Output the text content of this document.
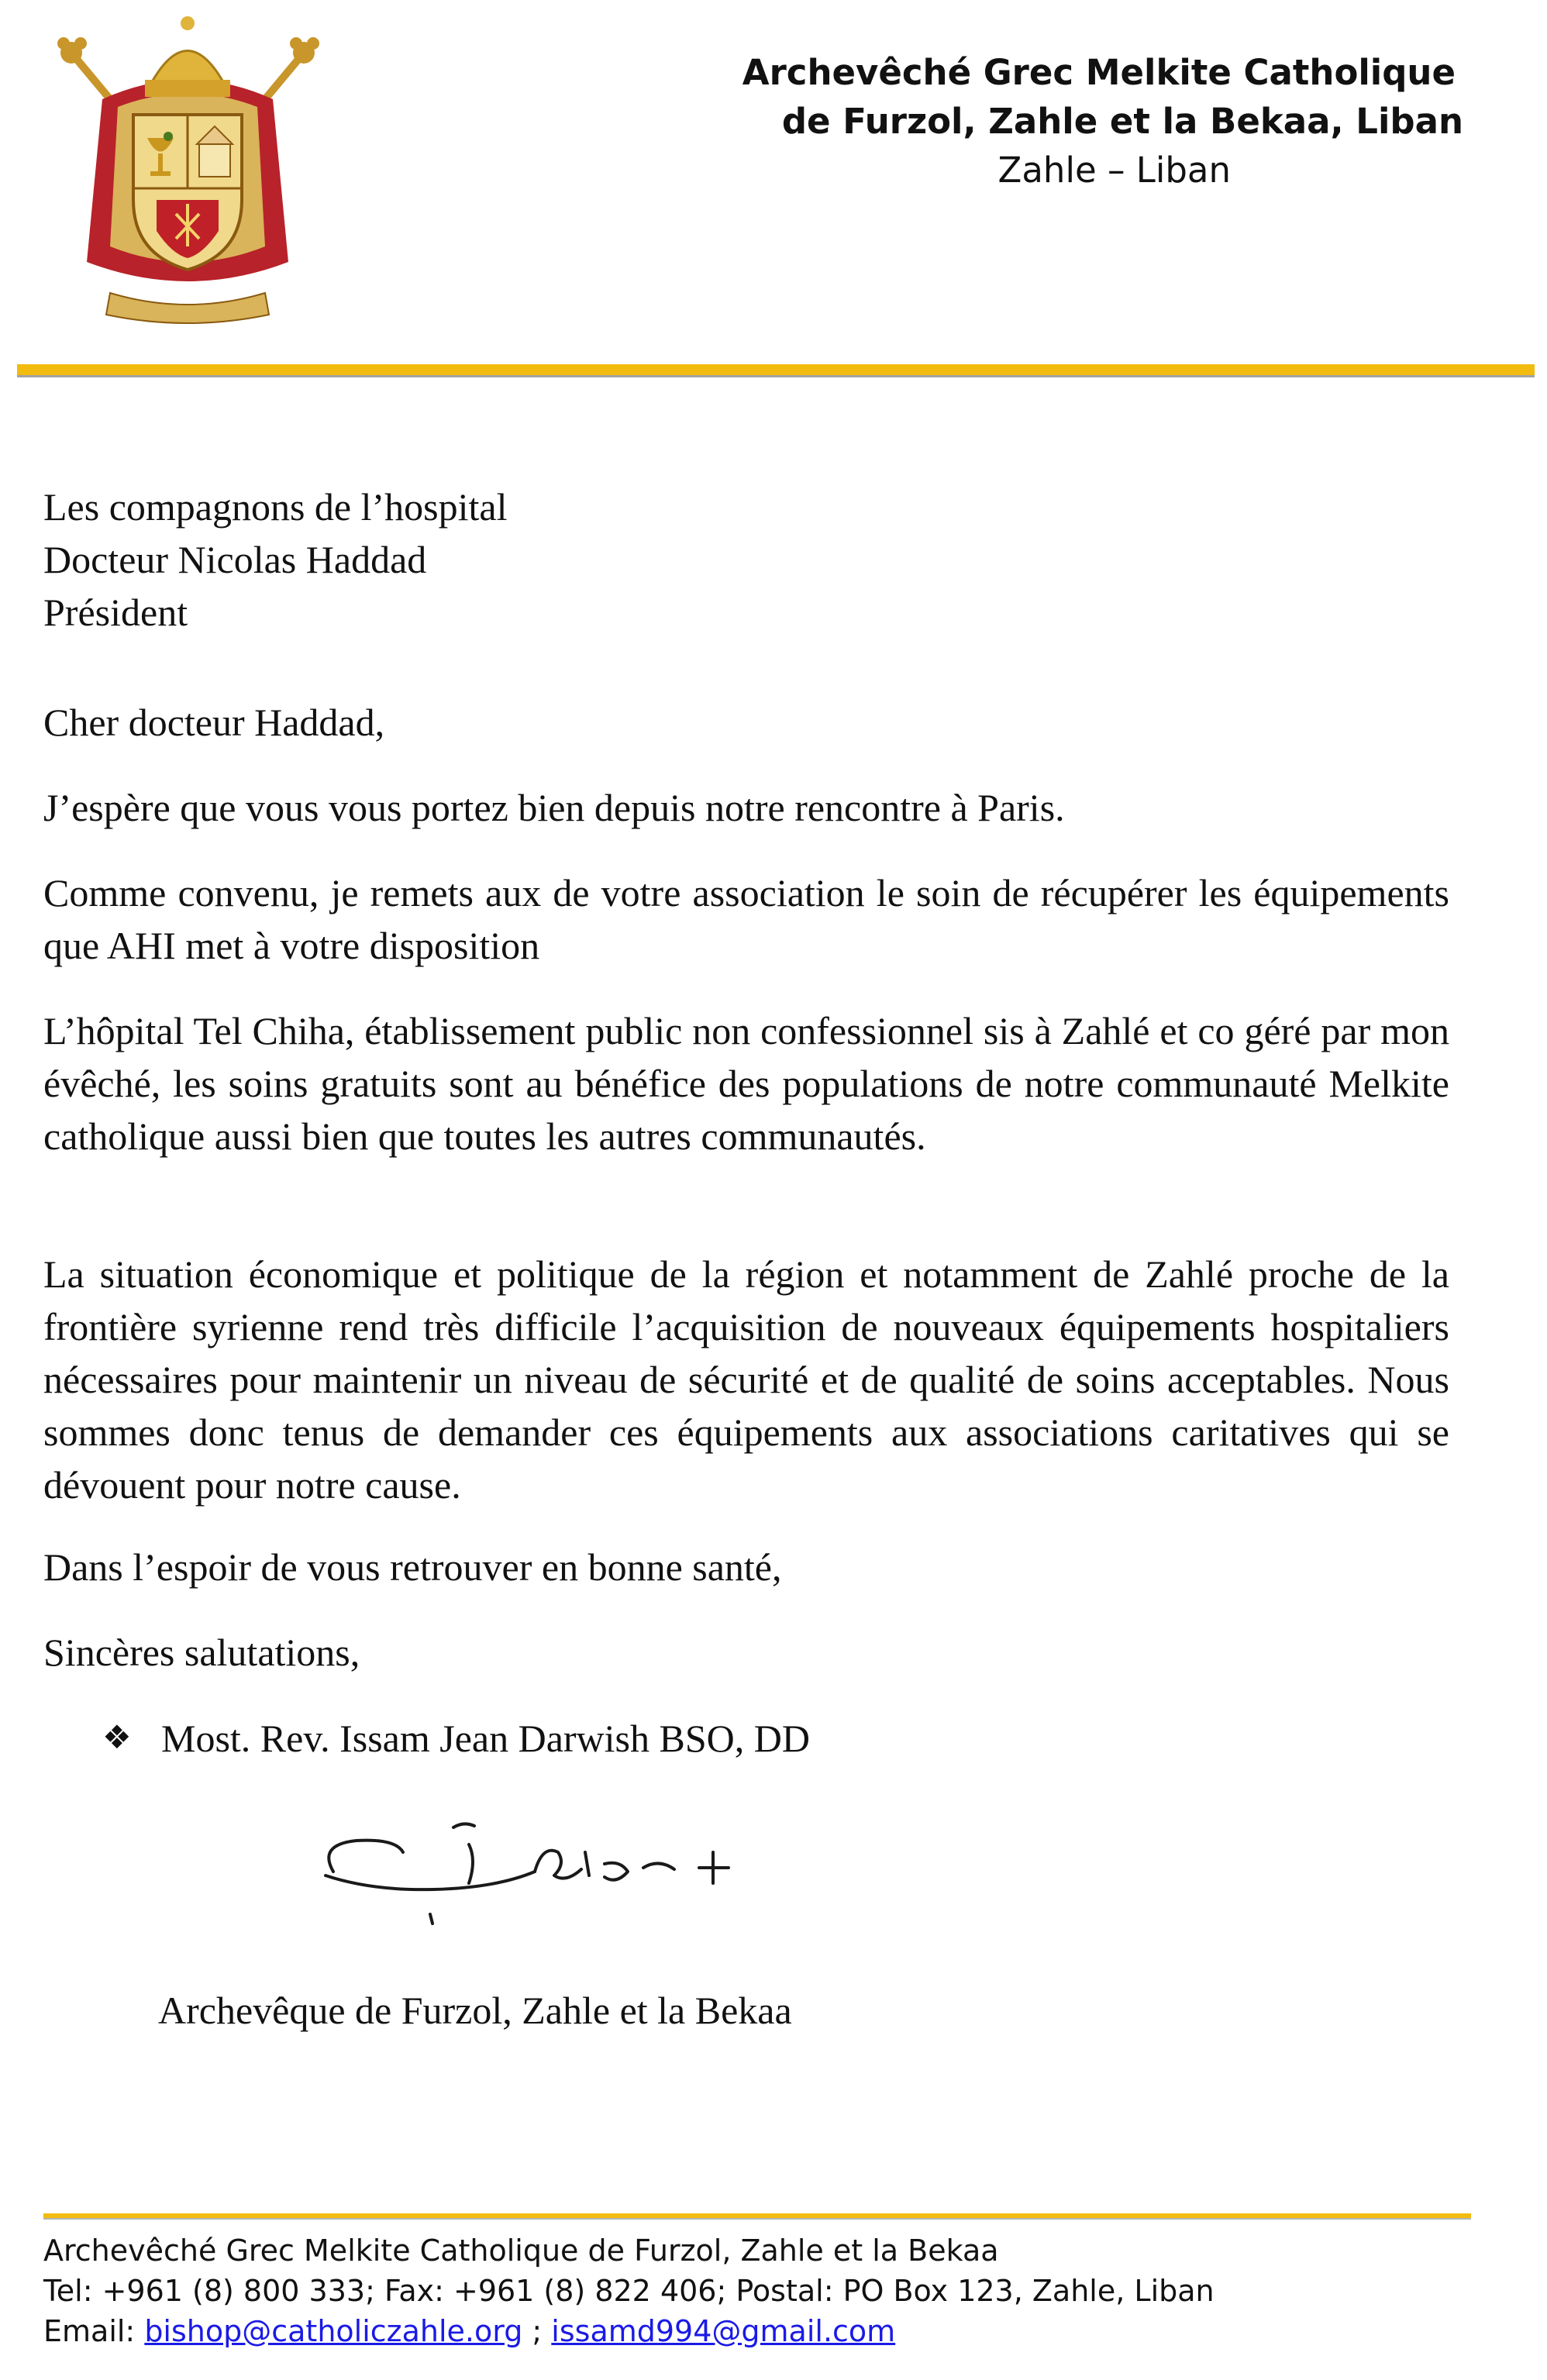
Archevêché Grec Melkite Catholique
de Furzol, Zahle et la Bekaa, Liban
Zahle – Liban
Les compagnons de l’hospital
Docteur Nicolas Haddad
Président

Cher docteur Haddad,

J’espère que vous vous portez bien depuis notre rencontre à Paris.

Comme convenu, je remets aux de votre association le soin de récupérer les équipements que AHI met à votre disposition

L’hôpital Tel Chiha, établissement public non confessionnel sis à Zahlé et co géré par mon évêché, les soins gratuits sont au bénéfice des populations de notre communauté Melkite catholique aussi bien que toutes les autres communautés.

La situation économique et politique de la région et notamment de Zahlé proche de la frontière syrienne rend très difficile l’acquisition de nouveaux équipements hospitaliers nécessaires pour maintenir un niveau de sécurité et de qualité de soins acceptables. Nous sommes donc tenus de demander ces équipements aux associations caritatives qui se dévouent pour notre cause.

Dans l’espoir de vous retrouver en bonne santé,

Sincères salutations,

❖ Most. Rev. Issam Jean Darwish BSO, DD
Archevêque de Furzol, Zahle et la Bekaa
Archevêché Grec Melkite Catholique de Furzol, Zahle et la Bekaa
Tel: +961 (8) 800 333; Fax: +961 (8) 822 406; Postal: PO Box 123, Zahle, Liban
Email: bishop@catholiczahle.org ; issamd994@gmail.com
